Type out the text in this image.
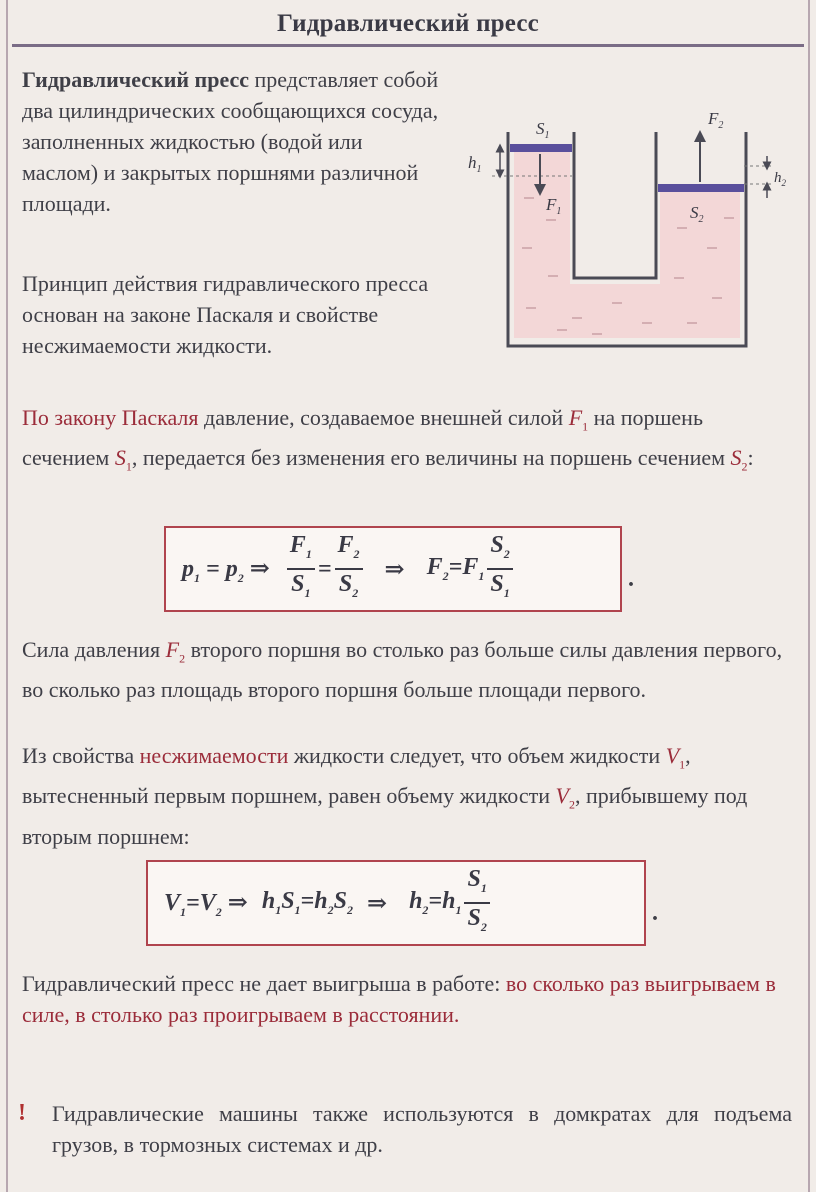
Гидравлический пресс

Гидравлический пресс представляет собой два цилиндрических сообщающихся сосуда, заполненных жидкостью (водой или маслом) и закрытых поршнями различной площади.

Принцип действия гидравлического пресса основан на законе Паскаля и свойстве несжимаемости жидкости.

$S_1$
$S_2$
$F_1$
$F_2$
$h_1$
$h_2$

По закону Паскаля давление, создаваемое внешней силой $F_1$ на поршень сечением $S_1$, передается без изменения его величины на поршень сечением $S_2$:

$p_1 = p_2$ ⇒ $\frac{F_1}{S_1} = \frac{F_2}{S_2}$ ⇒ $F_2=F_1 \frac{S_2}{S_1}$	.

Сила давления $F_2$ второго поршня во столько раз больше силы давления первого, во сколько раз площадь второго поршня больше площади первого.

Из свойства несжимаемости жидкости следует, что объем жидкости $V_1$, вытесненный первым поршнем, равен объему жидкости $V_2$, прибывшему под вторым поршнем:

$V_1=V_2$ ⇒ $h_1S_1=h_2S_2$ ⇒ $h_2=h_1 \frac{S_1}{S_2}$	.

Гидравлический пресс не дает выигрыша в работе: во сколько раз выигрываем в силе, в столько раз проигрываем в расстоянии.

! Гидравлические машины также используются в домкратах для подъема грузов, в тормозных системах и др.
